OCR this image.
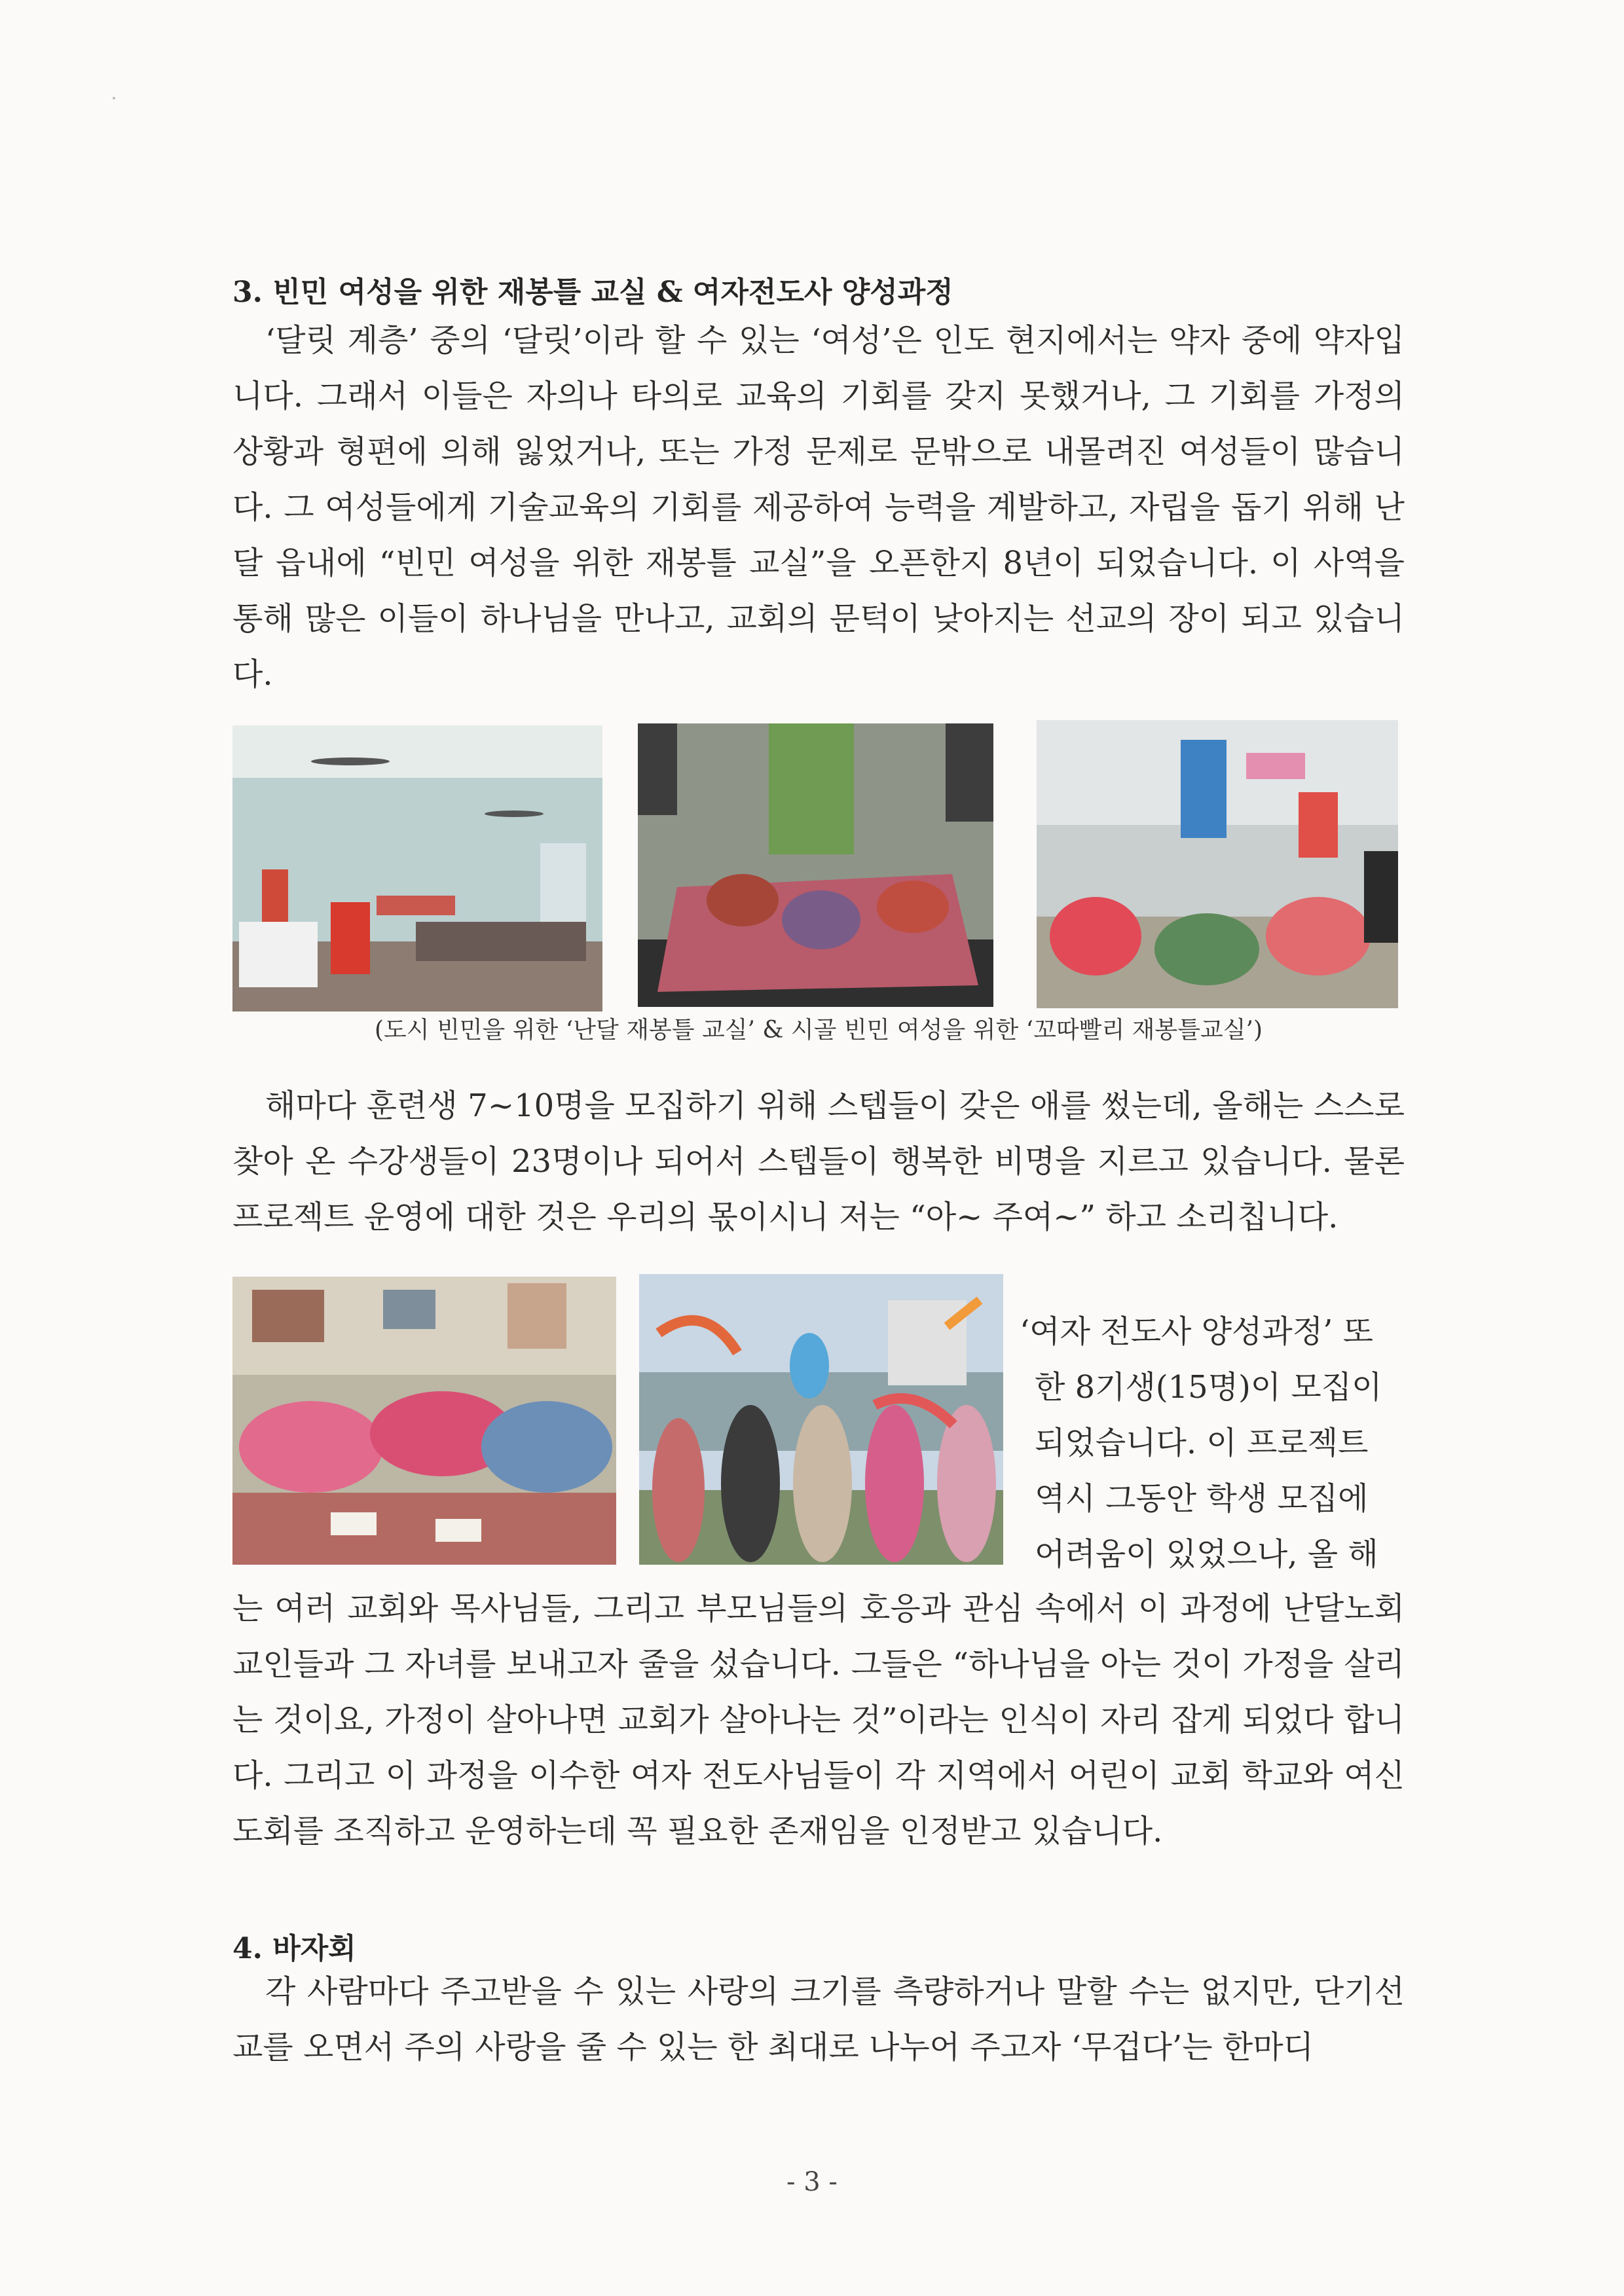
3. 빈민 여성을 위한 재봉틀 교실 & 여자전도사 양성과정
‘달릿 계층’ 중의 ‘달릿’이라 할 수 있는 ‘여성’은 인도 현지에서는 약자 중에 약자입니다. 그래서 이들은 자의나 타의로 교육의 기회를 갖지 못했거나, 그 기회를 가정의 상황과 형편에 의해 잃었거나, 또는 가정 문제로 문밖으로 내몰려진 여성들이 많습니다. 그 여성들에게 기술교육의 기회를 제공하여 능력을 계발하고, 자립을 돕기 위해 난달 읍내에 “빈민 여성을 위한 재봉틀 교실”을 오픈한지 8년이 되었습니다. 이 사역을 통해 많은 이들이 하나님을 만나고, 교회의 문턱이 낮아지는 선교의 장이 되고 있습니다.
(도시 빈민을 위한 ‘난달 재봉틀 교실’ & 시골 빈민 여성을 위한 ‘꼬따빨리 재봉틀교실’)
해마다 훈련생 7~10명을 모집하기 위해 스텝들이 갖은 애를 썼는데, 올해는 스스로 찾아 온 수강생들이 23명이나 되어서 스텝들이 행복한 비명을 지르고 있습니다. 물론 프로젝트 운영에 대한 것은 우리의 몫이시니 저는 “아~ 주여~” 하고 소리칩니다.
‘여자 전도사 양성과정’ 또
한 8기생(15명)이 모집이
되었습니다. 이 프로젝트
역시 그동안 학생 모집에
어려움이 있었으나, 올 해
는 여러 교회와 목사님들, 그리고 부모님들의 호응과 관심 속에서 이 과정에 난달노회 교인들과 그 자녀를 보내고자 줄을 섰습니다. 그들은 “하나님을 아는 것이 가정을 살리는 것이요, 가정이 살아나면 교회가 살아나는 것”이라는 인식이 자리 잡게 되었다 합니다. 그리고 이 과정을 이수한 여자 전도사님들이 각 지역에서 어린이 교회 학교와 여신도회를 조직하고 운영하는데 꼭 필요한 존재임을 인정받고 있습니다.
4. 바자회
각 사람마다 주고받을 수 있는 사랑의 크기를 측량하거나 말할 수는 없지만, 단기선교를 오면서 주의 사랑을 줄 수 있는 한 최대로 나누어 주고자 ‘무겁다’는 한마디
- 3 -
